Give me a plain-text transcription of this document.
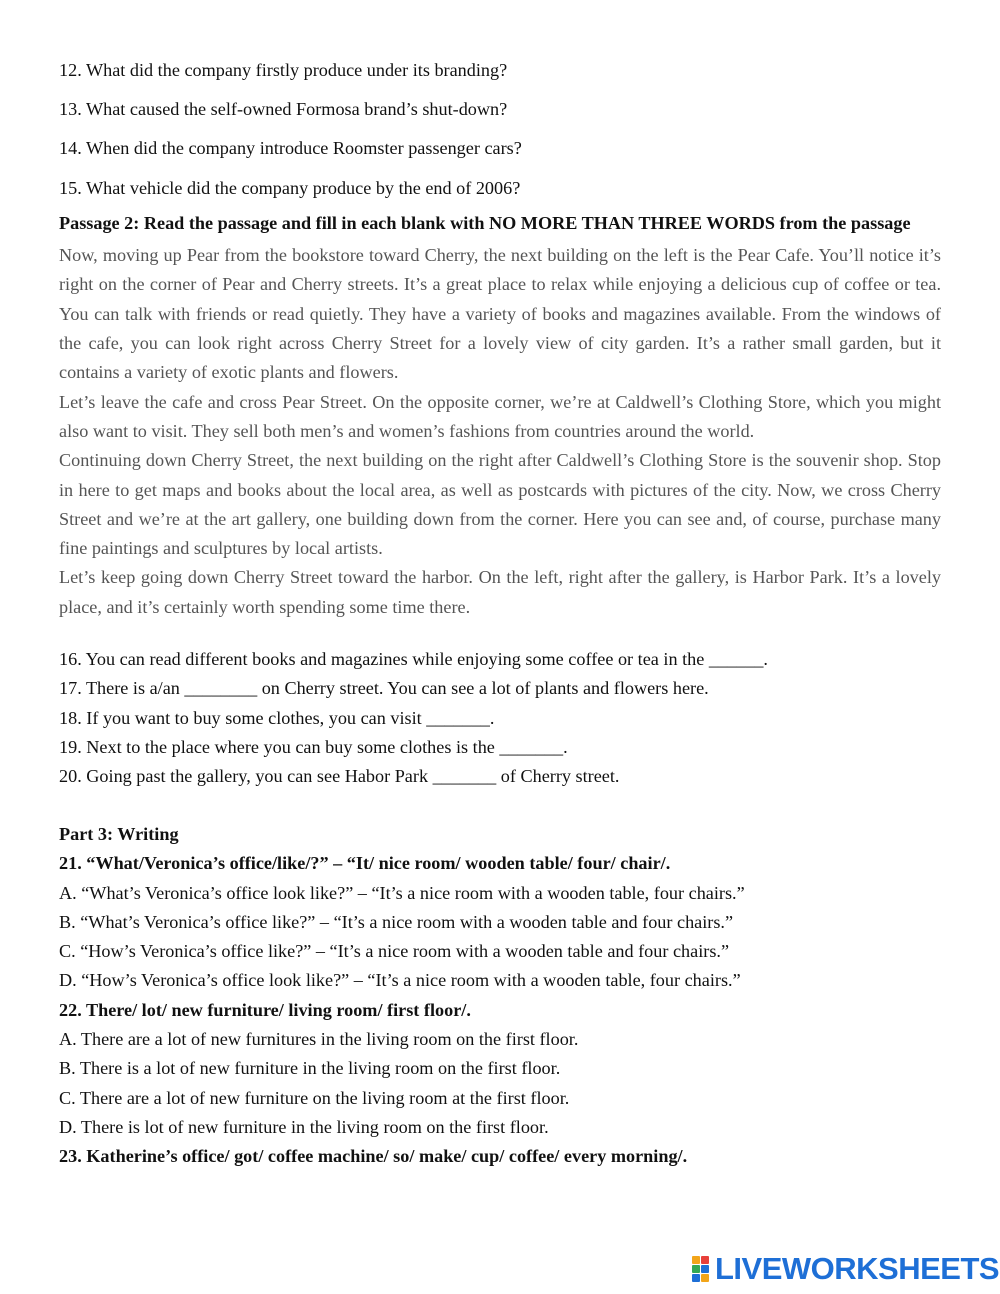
12. What did the company firstly produce under its branding?

13. What caused the self-owned Formosa brand’s shut-down?

14. When did the company introduce Roomster passenger cars?

15. What vehicle did the company produce by the end of 2006?

Passage 2: Read the passage and fill in each blank with NO MORE THAN THREE WORDS from the passage

Now, moving up Pear from the bookstore toward Cherry, the next building on the left is the Pear Cafe. You’ll notice it’s right on the corner of Pear and Cherry streets. It’s a great place to relax while enjoying a delicious cup of coffee or tea. You can talk with friends or read quietly. They have a variety of books and magazines available. From the windows of the cafe, you can look right across Cherry Street for a lovely view of city garden. It’s a rather small garden, but it contains a variety of exotic plants and flowers.

Let’s leave the cafe and cross Pear Street. On the opposite corner, we’re at Caldwell’s Clothing Store, which you might also want to visit. They sell both men’s and women’s fashions from countries around the world.

Continuing down Cherry Street, the next building on the right after Caldwell’s Clothing Store is the souvenir shop. Stop in here to get maps and books about the local area, as well as postcards with pictures of the city. Now, we cross Cherry Street and we’re at the art gallery, one building down from the corner. Here you can see and, of course, purchase many fine paintings and sculptures by local artists.

Let’s keep going down Cherry Street toward the harbor. On the left, right after the gallery, is Harbor Park. It’s a lovely place, and it’s certainly worth spending some time there.

16. You can read different books and magazines while enjoying some coffee or tea in the ______.

17. There is a/an ________ on Cherry street. You can see a lot of plants and flowers here.

18. If you want to buy some clothes, you can visit _______.

19. Next to the place where you can buy some clothes is the _______.

20. Going past the gallery, you can see Habor Park _______ of Cherry street.

Part 3: Writing

21. “What/Veronica’s office/like/?” – “It/ nice room/ wooden table/ four/ chair/.

A. “What’s Veronica’s office look like?” – “It’s a nice room with a wooden table, four chairs.”

B. “What’s Veronica’s office like?” – “It’s a nice room with a wooden table and four chairs.”

C. “How’s Veronica’s office like?” – “It’s a nice room with a wooden table and four chairs.”

D. “How’s Veronica’s office look like?” – “It’s a nice room with a wooden table, four chairs.”

22. There/ lot/ new furniture/ living room/ first floor/.

A. There are a lot of new furnitures in the living room on the first floor.

B. There is a lot of new furniture in the living room on the first floor.

C. There are a lot of new furniture on the living room at the first floor.

D. There is lot of new furniture in the living room on the first floor.

23. Katherine’s office/ got/ coffee machine/ so/ make/ cup/ coffee/ every morning/.

LIVEWORKSHEETS
